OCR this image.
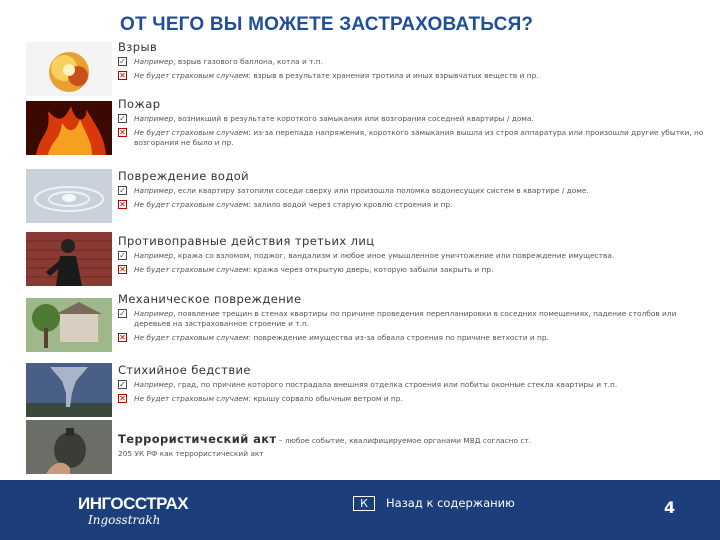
ОТ ЧЕГО ВЫ МОЖЕТЕ ЗАСТРАХОВАТЬСЯ?
Взрыв
✓ Например, взрыв газового баллона, котла и т.п.
✕ Не будет страховым случаем: взрыв в результате хранения тротила и иных взрывчатых веществ и пр.
Пожар
✓ Например, возникший в результате короткого замыкания или возгорания соседней квартиры / дома.
✕ Не будет страховым случаем: из-за перепада напряжения, короткого замыкания вышла из строя аппаратура или произошли другие убытки, но возгорания не было и пр.
Повреждение водой
✓ Например, если квартиру затопили соседи сверху или произошла поломка водонесущих систем в квартире / доме.
✕ Не будет страховым случаем: залило водой через старую кровлю строения и пр.
Противоправные действия третьих лиц
✓ Например, кража со взломом, поджог, вандализм и любое иное умышленное уничтожение или повреждение имущества.
✕ Не будет страховым случаем: кража через открытую дверь, которую забыли закрыть и пр.
Механическое повреждение
✓ Например, появление трещин в стенах квартиры по причине проведения перепланировки в соседних помещениях, падение столбов или деревьев на застрахованное строение и т.п.
✕ Не будет страховым случаем: повреждение имущества из-за обвала строения по причине ветхости и пр.
Стихийное бедствие
✓ Например, град, по причине которого пострадала внешняя отделка строения или побиты оконные стекла квартиры и т.п.
✕ Не будет страховым случаем: крышу сорвало обычным ветром и пр.
Террористический акт – любое событие, квалифицируемое органами МВД согласно ст.
205 УК РФ как террористический акт
ИНГОССТРАХ
Ingosstrakh
К	Назад к содержанию	4
